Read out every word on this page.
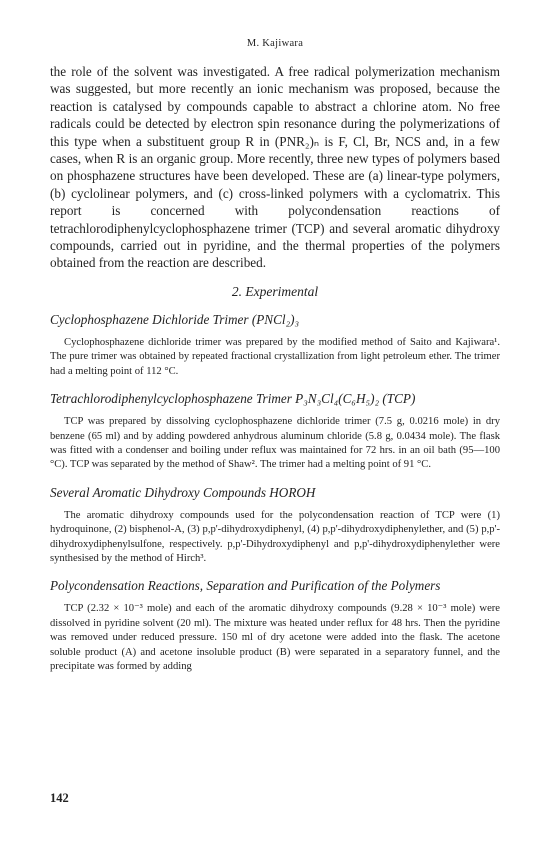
M. Kajiwara

the role of the solvent was investigated. A free radical polymerization mechanism was suggested, but more recently an ionic mechanism was proposed, because the reaction is catalysed by compounds capable to abstract a chlorine atom. No free radicals could be detected by electron spin resonance during the polymerizations of this type when a substituent group R in (PNR₂)ₙ is F, Cl, Br, NCS and, in a few cases, when R is an organic group. More recently, three new types of polymers based on phosphazene structures have been developed. These are (a) linear-type polymers, (b) cyclolinear polymers, and (c) cross-linked polymers with a cyclomatrix. This report is concerned with polycondensation reactions of tetrachlorodiphenylcyclophosphazene trimer (TCP) and several aromatic dihydroxy compounds, carried out in pyridine, and the thermal properties of the polymers obtained from the reaction are described.

2. Experimental
Cyclophosphazene Dichloride Trimer (PNCl₂)₃

Cyclophosphazene dichloride trimer was prepared by the modified method of Saito and Kajiwara¹. The pure trimer was obtained by repeated fractional crystallization from light petroleum ether. The trimer had a melting point of 112 °C.

Tetrachlorodiphenylcyclophosphazene Trimer P₃N₃Cl₄(C₆H₅)₂ (TCP)

TCP was prepared by dissolving cyclophosphazene dichloride trimer (7.5 g, 0.0216 mole) in dry benzene (65 ml) and by adding powdered anhydrous aluminum chloride (5.8 g, 0.0434 mole). The flask was fitted with a condenser and boiling under reflux was maintained for 72 hrs. in an oil bath (95—100 °C). TCP was separated by the method of Shaw². The trimer had a melting point of 91 °C.

Several Aromatic Dihydroxy Compounds HOROH

The aromatic dihydroxy compounds used for the polycondensation reaction of TCP were (1) hydroquinone, (2) bisphenol-A, (3) p,p'-dihydroxydiphenyl, (4) p,p'-dihydroxydiphenylether, and (5) p,p'-dihydroxydiphenylsulfone, respectively. p,p'-Dihydroxydiphenyl and p,p'-dihydroxydiphenylether were synthesised by the method of Hirch³.

Polycondensation Reactions, Separation and Purification of the Polymers

TCP (2.32 × 10⁻³ mole) and each of the aromatic dihydroxy compounds (9.28 × 10⁻³ mole) were dissolved in pyridine solvent (20 ml). The mixture was heated under reflux for 48 hrs. Then the pyridine was removed under reduced pressure. 150 ml of dry acetone were added into the flask. The acetone soluble product (A) and acetone insoluble product (B) were separated in a separatory funnel, and the precipitate was formed by adding

142
